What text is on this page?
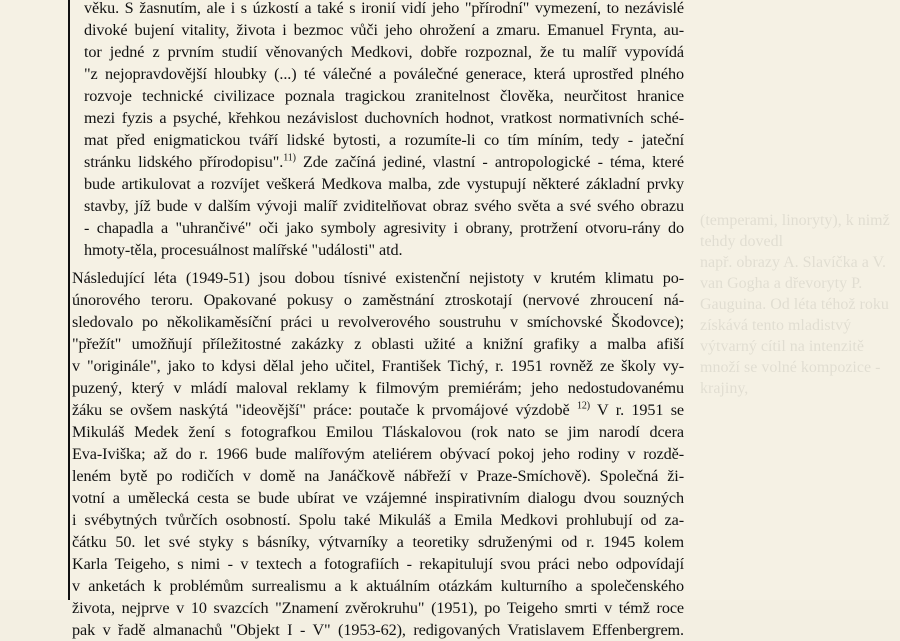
(temperami, linoryty), k nimž tehdy dovedl
např. obrazy A. Slavíčka a V. van Gogha a dřevoryty P. Gauguina. Od léta téhož roku
získává tento mladistvý výtvarný cítil na intenzitě množí se volné kompozice - krajiny,
věku. S žasnutím, ale i s úzkostí a také s ironií vidí jeho "přírodní" vymezení, to nezávislé
divoké bujení vitality, života i bezmoc vůči jeho ohrožení a zmaru. Emanuel Frynta, au-
tor jedné z prvním studií věnovaných Medkovi, dobře rozpoznal, že tu malíř vypovídá
"z nejopravdovější hloubky (...) té válečné a poválečné generace, která uprostřed plného
rozvoje technické civilizace poznala tragickou zranitelnost člověka, neurčitost hranice
mezi fyzis a psyché, křehkou nezávislost duchovních hodnot, vratkost normativních sché-
mat před enigmatickou tváří lidské bytosti, a rozumíte-li co tím míním, tedy - jateční
stránku lidského přírodopisu".$^{11)}$ Zde začíná jediné, vlastní - antropologické - téma, které
bude artikulovat a rozvíjet veškerá Medkova malba, zde vystupují některé základní prvky
stavby, jíž bude v dalším vývoji malíř zviditelňovat obraz svého světa a své svého obrazu
- chapadla a "uhrančivé" oči jako symboly agresivity i obrany, protržení otvoru-rány do
hmoty-těla, procesuálnost malířské "události" atd.
Následující léta (1949-51) jsou dobou tísnivé existenční nejistoty v krutém klimatu po-
únorového teroru. Opakované pokusy o zaměstnání ztroskotají (nervové zhroucení ná-
sledovalo po několikaměsíční práci u revolverového soustruhu v smíchovské Škodovce);
"přežít" umožňují příležitostné zakázky z oblasti užité a knižní grafiky a malba afiší
v "originále", jako to kdysi dělal jeho učitel, František Tichý, r. 1951 rovněž ze školy vy-
puzený, který v mládí maloval reklamy k filmovým premiérám; jeho nedostudovanému
žáku se ovšem naskýtá "ideovější" práce: poutače k prvomájové výzdobě $^{12)}$ V r. 1951 se
Mikuláš Medek žení s fotografkou Emilou Tláskalovou (rok nato se jim narodí dcera
Eva-Iviška; až do r. 1966 bude malířovým ateliérem obývací pokoj jeho rodiny v rozdě-
leném bytě po rodičích v domě na Janáčkově nábřeží v Praze-Smíchově). Společná ži-
votní a umělecká cesta se bude ubírat ve vzájemné inspirativním dialogu dvou souzných
i svébytných tvůrčích osobností. Spolu také Mikuláš a Emila Medkovi prohlubují od za-
čátku 50. let své styky s básníky, výtvarníky a teoretiky sdruženými od r. 1945 kolem
Karla Teigeho, s nimi - v textech a fotografiích - rekapitulují svou práci nebo odpovídají
v anketách k problémům surrealismu a k aktuálním otázkám kulturního a společenského
života, nejprve v 10 svazcích "Znamení zvěrokruhu" (1951), po Teigeho smrti v témž roce
pak v řadě almanachů "Objekt I - V" (1953-62), redigovaných Vratislavem Effenbergrem.
